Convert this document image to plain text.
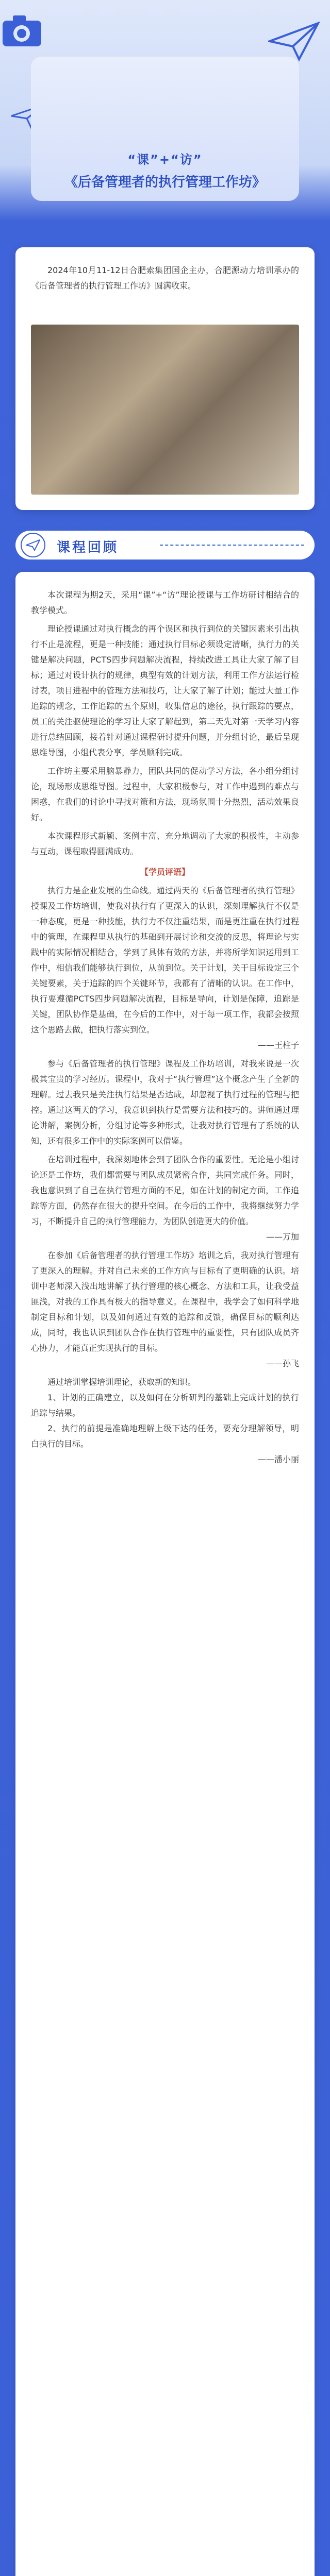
“课”+“访”
《后备管理者的执行管理工作坊》

2024年10月11-12日合肥索集团国企主办，合肥源动力培训承办的《后备管理者的执行管理工作坊》圆满收束。

课程回顾

本次课程为期2天，采用“课”+“访”理论授课与工作坊研讨相结合的教学模式。

理论授课通过对执行概念的再个误区和执行到位的关键因素来引出执行不止是流程，更是一种技能；通过执行目标必须设定清晰，执行力的关键是解决问题，PCTS四步问题解决流程，持续改进工具让大家了解了目标；通过对设计执行的规律，典型有效的计划方法，利用工作方法运行检讨表，项目进程中的管理方法和技巧，让大家了解了计划；能过大量工作追踪的规念，工作追踪的五个原则，收集信息的途径，执行跟踪的要点，员工的关注驱使理论的学习让大家了解起到，第二天先对第一天学习内容进行总结回顾，接着针对通过课程研讨提升问题，并分组讨论，最后呈现思维导图，小组代表分享，学员顺利完成。

工作坊主要采用脑暴静力，团队共同的促动学习方法，各小组分组讨论，现场形成思维导图。过程中，大家积极参与，对工作中遇到的难点与困惑，在我们的讨论中寻找对策和方法，现场氛围十分热烈，活动效果良好。

本次课程形式新颖、案例丰富、充分地调动了大家的积极性，主动参与互动，课程取得圆满成功。

【学员评语】

执行力是企业发展的生命线。通过两天的《后备管理者的执行管理》授课及工作坊培训，使我对执行有了更深入的认识，深刻理解执行不仅是一种态度，更是一种技能，执行力不仅注重结果，而是更注重在执行过程中的管理，在课程里从执行的基础到开展讨论和交流的反思，将理论与实践中的实际情况相结合，学到了具体有效的方法，并将所学知识运用到工作中，相信我们能够执行到位，从前到位。关于计划，关于目标设定三个关键要素，关于追踪的四个关键环节，我都有了清晰的认识。在工作中，执行要遵循PCTS四步问题解决流程，目标是导向，计划是保障，追踪是关键，团队协作是基础，在今后的工作中，对于每一项工作，我都会按照这个思路去做，把执行落实到位。

——王柱子

参与《后备管理者的执行管理》课程及工作坊培训，对我来说是一次极其宝贵的学习经历。课程中，我对于“执行管理”这个概念产生了全新的理解。过去我只是关注执行结果是否达成，却忽视了执行过程的管理与把控。通过这两天的学习，我意识到执行是需要方法和技巧的。讲师通过理论讲解，案例分析，分组讨论等多种形式，让我对执行管理有了系统的认知，还有很多工作中的实际案例可以借鉴。

在培训过程中，我深刻地体会到了团队合作的重要性。无论是小组讨论还是工作坊，我们都需要与团队成员紧密合作，共同完成任务。同时，我也意识到了自己在执行管理方面的不足，如在计划的制定方面，工作追踪等方面，仍然存在很大的提升空间。在今后的工作中，我将继续努力学习，不断提升自己的执行管理能力，为团队创造更大的价值。

——万加

在参加《后备管理者的执行管理工作坊》培训之后，我对执行管理有了更深入的理解。并对自己未来的工作方向与目标有了更明确的认识。培训中老师深入浅出地讲解了执行管理的核心概念、方法和工具，让我受益匪浅，对我的工作具有极大的指导意义。在课程中，我学会了如何科学地制定目标和计划，以及如何通过有效的追踪和反馈，确保目标的顺利达成，同时，我也认识到团队合作在执行管理中的重要性，只有团队成员齐心协力，才能真正实现执行的目标。

——孙飞

通过培训掌握培训理论，获取新的知识。

1、计划的正确建立，以及如何在分析研判的基础上完成计划的执行追踪与结果。

2、执行的前提是准确地理解上级下达的任务，要充分理解领导，明白执行的目标。

——潘小丽
